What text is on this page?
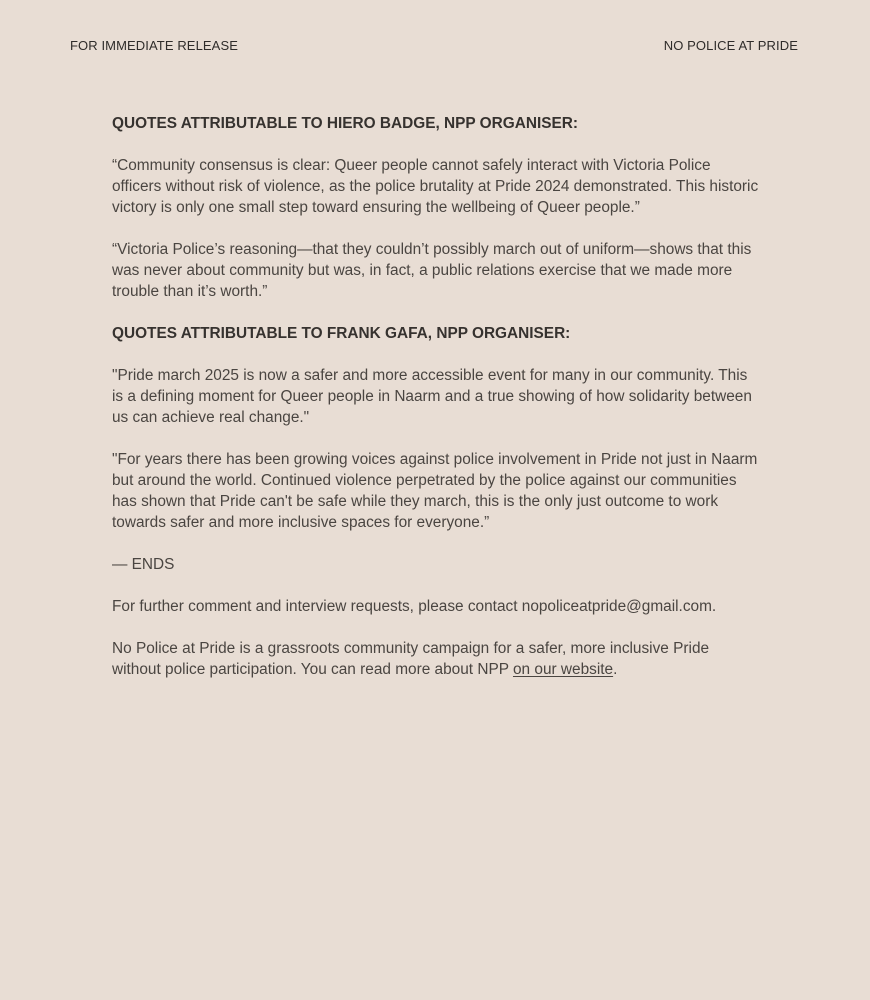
FOR IMMEDIATE RELEASE	NO POLICE AT PRIDE

QUOTES ATTRIBUTABLE TO HIERO BADGE, NPP ORGANISER:

“Community consensus is clear: Queer people cannot safely interact with Victoria Police officers without risk of violence, as the police brutality at Pride 2024 demonstrated. This historic victory is only one small step toward ensuring the wellbeing of Queer people.”

“Victoria Police’s reasoning—that they couldn’t possibly march out of uniform—shows that this was never about community but was, in fact, a public relations exercise that we made more trouble than it’s worth.”

QUOTES ATTRIBUTABLE TO FRANK GAFA, NPP ORGANISER:

"Pride march 2025 is now a safer and more accessible event for many in our community. This is a defining moment for Queer people in Naarm and a true showing of how solidarity between us can achieve real change."

"For years there has been growing voices against police involvement in Pride not just in Naarm but around the world. Continued violence perpetrated by the police against our communities has shown that Pride can't be safe while they march, this is the only just outcome to work towards safer and more inclusive spaces for everyone.”

— ENDS

For further comment and interview requests, please contact nopoliceatpride@gmail.com.

No Police at Pride is a grassroots community campaign for a safer, more inclusive Pride without police participation. You can read more about NPP on our website.
